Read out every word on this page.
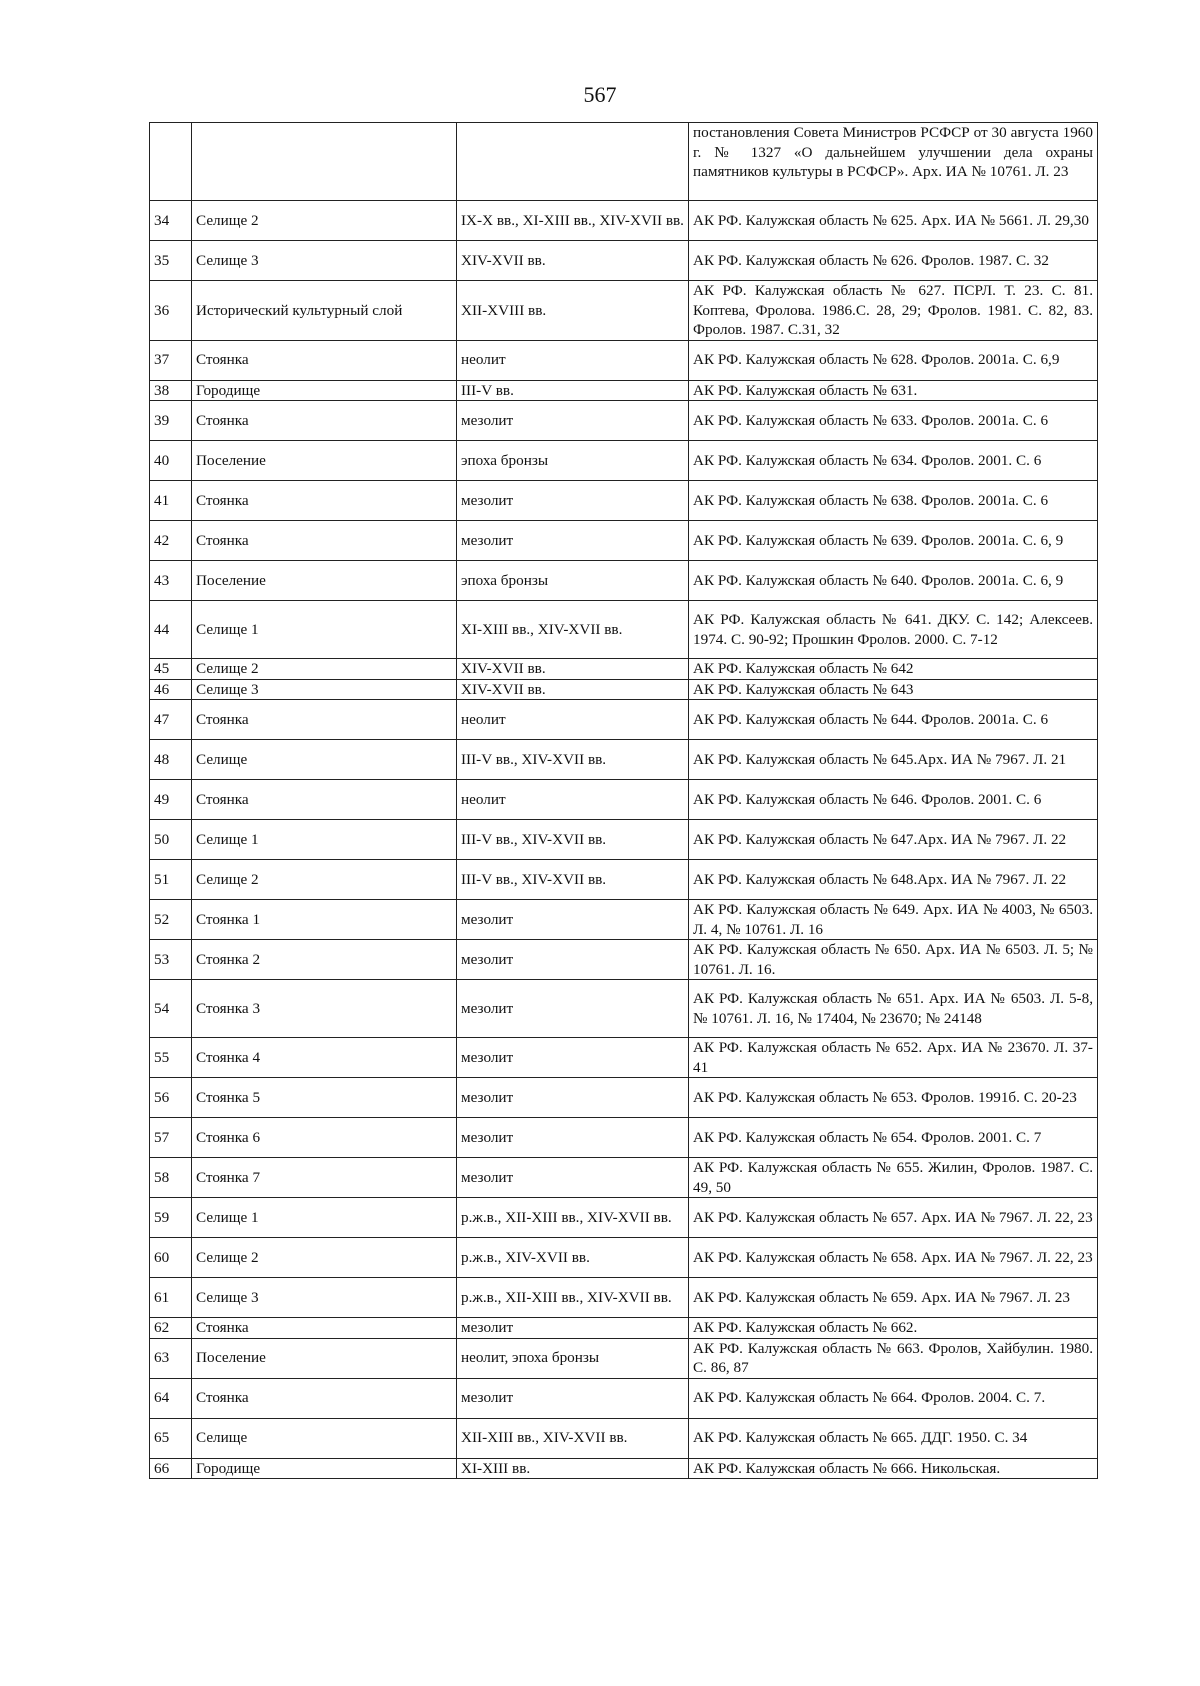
567
			постановления Совета Министров РСФСР от 30 августа 1960 г. № 1327 «О дальнейшем улучшении дела охраны памятников культуры в РСФСР». Арх. ИА № 10761. Л. 23
34	Селище 2	IX-X вв., XI-XIII вв., XIV-XVII вв.	АК РФ. Калужская область № 625. Арх. ИА № 5661. Л. 29,30
35	Селище 3	XIV-XVII вв.	АК РФ. Калужская область № 626. Фролов. 1987. С. 32
36	Исторический культурный слой	XII-XVIII вв.	АК РФ. Калужская область № 627. ПСРЛ. Т. 23. С. 81. Коптева, Фролова. 1986.С. 28, 29; Фролов. 1981. С. 82, 83. Фролов. 1987. С.31, 32
37	Стоянка	неолит	АК РФ. Калужская область № 628. Фролов. 2001а. С. 6,9
38	Городище	III-V вв.	АК РФ. Калужская область № 631.
39	Стоянка	мезолит	АК РФ. Калужская область № 633. Фролов. 2001а. С. 6
40	Поселение	эпоха бронзы	АК РФ. Калужская область № 634. Фролов. 2001. С. 6
41	Стоянка	мезолит	АК РФ. Калужская область № 638. Фролов. 2001а. С. 6
42	Стоянка	мезолит	АК РФ. Калужская область № 639. Фролов. 2001а. С. 6, 9
43	Поселение	эпоха бронзы	АК РФ. Калужская область № 640. Фролов. 2001а. С. 6, 9
44	Селище 1	XI-XIII вв., XIV-XVII вв.	АК РФ. Калужская область № 641. ДКУ. С. 142; Алексеев. 1974. С. 90-92; Прошкин Фролов. 2000. С. 7-12
45	Селище 2	XIV-XVII вв.	АК РФ. Калужская область № 642
46	Селище 3	XIV-XVII вв.	АК РФ. Калужская область № 643
47	Стоянка	неолит	АК РФ. Калужская область № 644. Фролов. 2001а. С. 6
48	Селище	III-V вв., XIV-XVII вв.	АК РФ. Калужская область № 645.Арх. ИА № 7967. Л. 21
49	Стоянка	неолит	АК РФ. Калужская область № 646. Фролов. 2001. С. 6
50	Селище 1	III-V вв., XIV-XVII вв.	АК РФ. Калужская область № 647.Арх. ИА № 7967. Л. 22
51	Селище 2	III-V вв., XIV-XVII вв.	АК РФ. Калужская область № 648.Арх. ИА № 7967. Л. 22
52	Стоянка 1	мезолит	АК РФ. Калужская область № 649. Арх. ИА № 4003, № 6503. Л. 4, № 10761. Л. 16
53	Стоянка 2	мезолит	АК РФ. Калужская область № 650. Арх. ИА № 6503. Л. 5; № 10761. Л. 16.
54	Стоянка 3	мезолит	АК РФ. Калужская область № 651. Арх. ИА № 6503. Л. 5-8, № 10761. Л. 16, № 17404, № 23670; № 24148
55	Стоянка 4	мезолит	АК РФ. Калужская область № 652. Арх. ИА № 23670. Л. 37-41
56	Стоянка 5	мезолит	АК РФ. Калужская область № 653. Фролов. 1991б. С. 20-23
57	Стоянка 6	мезолит	АК РФ. Калужская область № 654. Фролов. 2001. С. 7
58	Стоянка 7	мезолит	АК РФ. Калужская область № 655. Жилин, Фролов. 1987. С. 49, 50
59	Селище 1	р.ж.в., XII-XIII вв., XIV-XVII вв.	АК РФ. Калужская область № 657. Арх. ИА № 7967. Л. 22, 23
60	Селище 2	р.ж.в., XIV-XVII вв.	АК РФ. Калужская область № 658. Арх. ИА № 7967. Л. 22, 23
61	Селище 3	р.ж.в., XII-XIII вв., XIV-XVII вв.	АК РФ. Калужская область № 659. Арх. ИА № 7967. Л. 23
62	Стоянка	мезолит	АК РФ. Калужская область № 662.
63	Поселение	неолит, эпоха бронзы	АК РФ. Калужская область № 663. Фролов, Хайбулин. 1980. С. 86, 87
64	Стоянка	мезолит	АК РФ. Калужская область № 664. Фролов. 2004. С. 7.
65	Селище	XII-XIII вв., XIV-XVII вв.	АК РФ. Калужская область № 665. ДДГ. 1950. С. 34
66	Городище	XI-XIII вв.	АК РФ. Калужская область № 666. Никольская.
